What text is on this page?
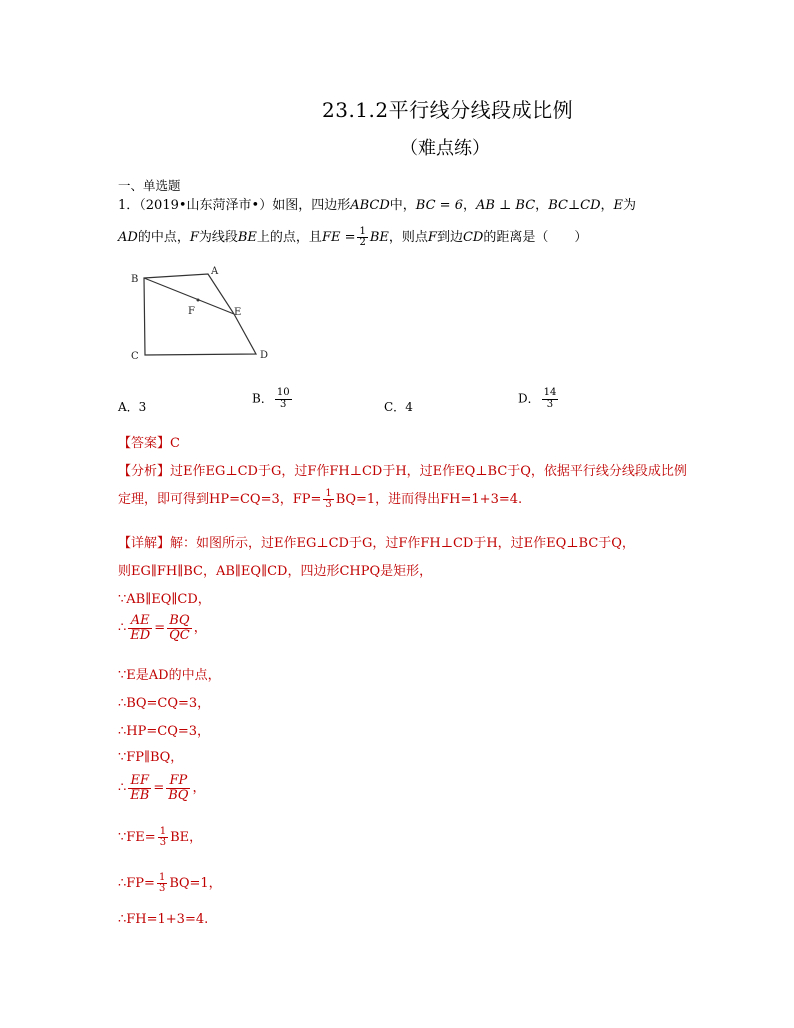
23.1.2平行线分线段成比例
（难点练）
一、单选题
1．（2019•山东菏泽市•）如图，四边形ABCD中，BC = 6，AB ⊥ BC，BC⊥CD，E为
AD的中点，F为线段BE上的点，且FE = $\frac{1}{2}$ BE，则点F到边CD的距离是（　　）
B
A
F	E
C	D
A．3
B． $\frac{10}{3}$	C．4
D． $\frac{14}{3}$
【答案】C
【分析】过E作EG⊥CD于G，过F作FH⊥CD于H，过E作EQ⊥BC于Q，依据平行线分线段成比例
定理，即可得到HP=CQ=3，$FP= \frac{1}{3} BQ=1$，进而得出FH=1+3=4.
【详解】解：如图所示，过E作EG⊥CD于G，过F作FH⊥CD于H，过E作EQ⊥BC于Q，
则EG∥FH∥BC，AB∥EQ∥CD，四边形CHPQ是矩形，
∵AB∥EQ∥CD，
∴ $\frac{AE}{ED} = \frac{BQ}{QC}$ ，
∵E是AD的中点，
∴BQ=CQ=3，
∴HP=CQ=3，
∵FP∥BQ，
∴ $\frac{EF}{EB} = \frac{FP}{BQ}$ ，
∵FE= $\frac{1}{3}$ BE，
∴FP= $\frac{1}{3} BQ=1$，
∴FH=1+3=4.
